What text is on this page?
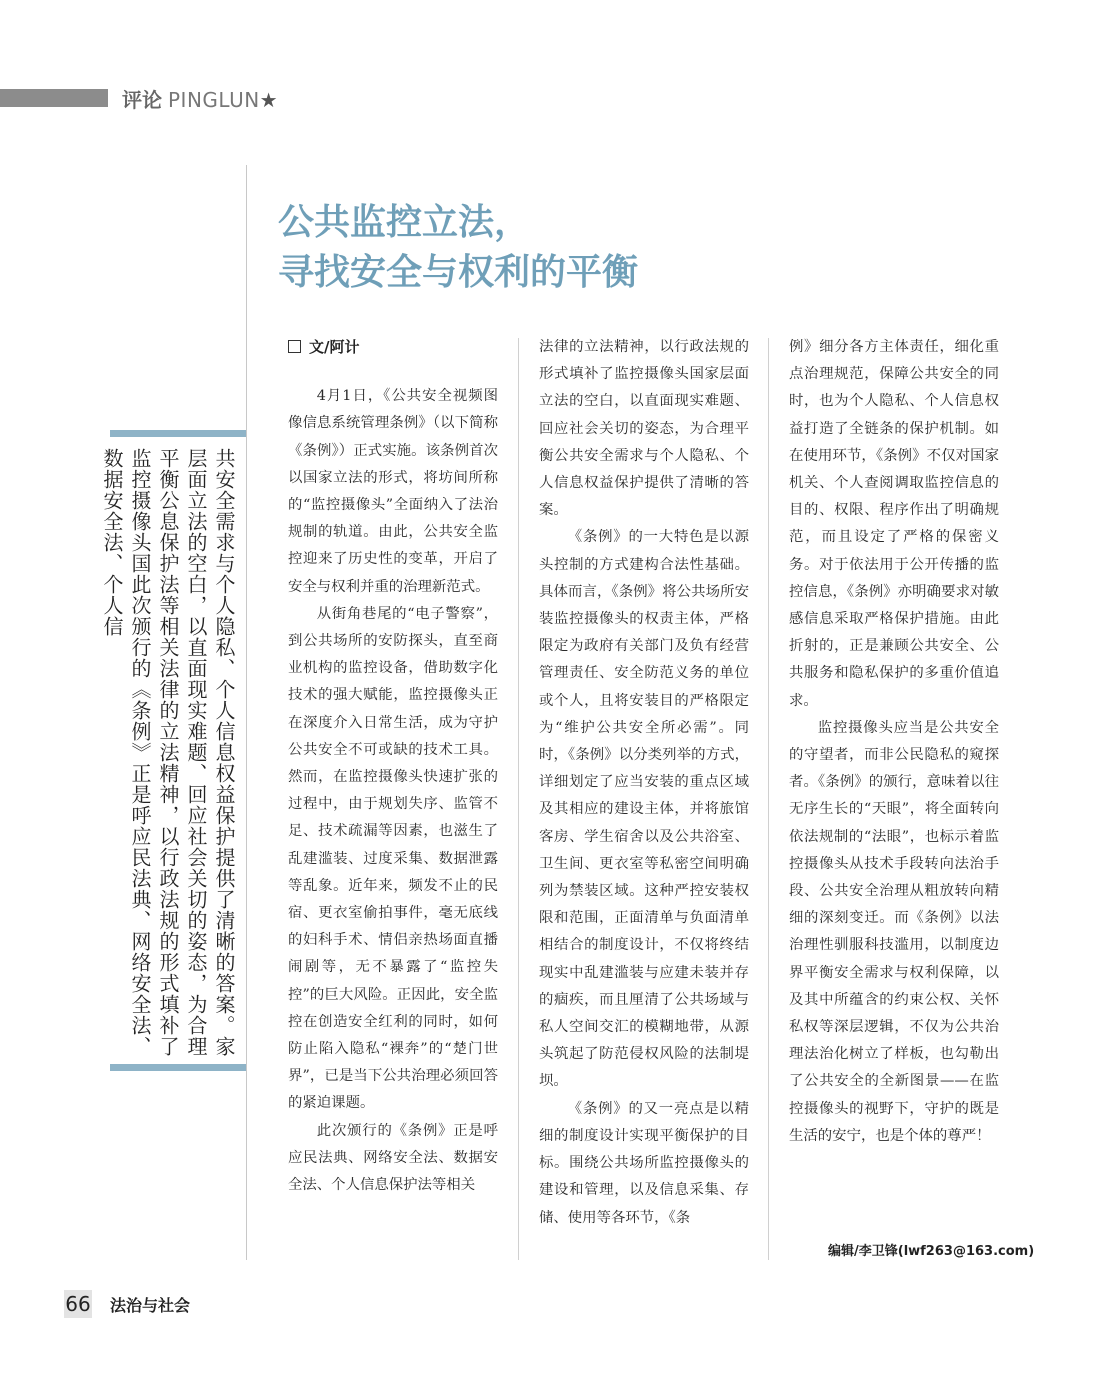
评论 PINGLUN★
公共监控立法，
寻找安全与权利的平衡
共安全需求与个人隐私、个人信息权益保护提供了清晰的答案。家层面立法的空白，以直面现实难题、回应社会关切的姿态，为合理平衡公息保护法等相关法律的立法精神，以行政法规的形式填补了监控摄像头国此次颁行的《条例》正是呼应民法典、网络安全法、数据安全法、个人信
文/阿计

4月1日，《公共安全视频图像信息系统管理条例》（以下简称《条例》）正式实施。该条例首次以国家立法的形式，将坊间所称的“监控摄像头”全面纳入了法治规制的轨道。由此，公共安全监控迎来了历史性的变革，开启了安全与权利并重的治理新范式。

从街角巷尾的“电子警察”，到公共场所的安防探头，直至商业机构的监控设备，借助数字化技术的强大赋能，监控摄像头正在深度介入日常生活，成为守护公共安全不可或缺的技术工具。然而，在监控摄像头快速扩张的过程中，由于规划失序、监管不足、技术疏漏等因素，也滋生了乱建滥装、过度采集、数据泄露等乱象。近年来，频发不止的民宿、更衣室偷拍事件，毫无底线的妇科手术、情侣亲热场面直播闹剧等，无不暴露了“监控失控”的巨大风险。正因此，安全监控在创造安全红利的同时，如何防止陷入隐私“裸奔”的“楚门世界”，已是当下公共治理必须回答的紧迫课题。

此次颁行的《条例》正是呼应民法典、网络安全法、数据安全法、个人信息保护法等相关

法律的立法精神，以行政法规的形式填补了监控摄像头国家层面立法的空白，以直面现实难题、回应社会关切的姿态，为合理平衡公共安全需求与个人隐私、个人信息权益保护提供了清晰的答案。

《条例》的一大特色是以源头控制的方式建构合法性基础。具体而言，《条例》将公共场所安装监控摄像头的权责主体，严格限定为政府有关部门及负有经营管理责任、安全防范义务的单位或个人，且将安装目的严格限定为“维护公共安全所必需”。同时，《条例》以分类列举的方式，详细划定了应当安装的重点区域及其相应的建设主体，并将旅馆客房、学生宿舍以及公共浴室、卫生间、更衣室等私密空间明确列为禁装区域。这种严控安装权限和范围，正面清单与负面清单相结合的制度设计，不仅将终结现实中乱建滥装与应建未装并存的痼疾，而且厘清了公共场域与私人空间交汇的模糊地带，从源头筑起了防范侵权风险的法制堤坝。

《条例》的又一亮点是以精细的制度设计实现平衡保护的目标。围绕公共场所监控摄像头的建设和管理，以及信息采集、存储、使用等各环节，《条

例》细分各方主体责任，细化重点治理规范，保障公共安全的同时，也为个人隐私、个人信息权益打造了全链条的保护机制。如在使用环节，《条例》不仅对国家机关、个人查阅调取监控信息的目的、权限、程序作出了明确规范，而且设定了严格的保密义务。对于依法用于公开传播的监控信息，《条例》亦明确要求对敏感信息采取严格保护措施。由此折射的，正是兼顾公共安全、公共服务和隐私保护的多重价值追求。

监控摄像头应当是公共安全的守望者，而非公民隐私的窥探者。《条例》的颁行，意味着以往无序生长的“天眼”，将全面转向依法规制的“法眼”，也标示着监控摄像头从技术手段转向法治手段、公共安全治理从粗放转向精细的深刻变迁。而《条例》以法治理性驯服科技滥用，以制度边界平衡安全需求与权利保障，以及其中所蕴含的约束公权、关怀私权等深层逻辑，不仅为公共治理法治化树立了样板，也勾勒出了公共安全的全新图景——在监控摄像头的视野下，守护的既是生活的安宁，也是个体的尊严！

编辑/李卫锋(lwf263@163.com)
66 法治与社会
